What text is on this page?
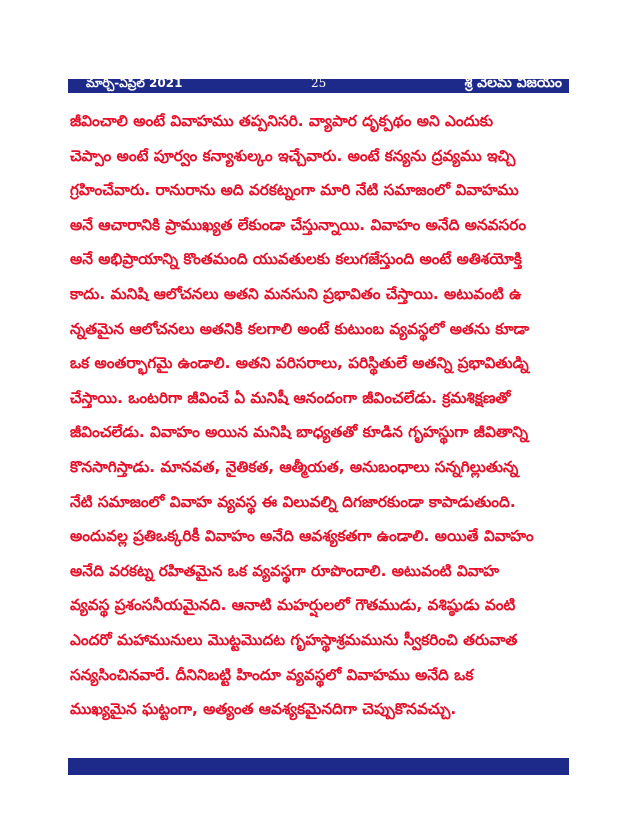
మార్చి-ఏప్రిల్ 2021	25	శ్రీ వెలమ విజయం
జీవించాలి అంటే వివాహము తప్పనిసరి. వ్యాపార దృక్పథం అని ఎందుకు
చెప్పాం అంటే పూర్వం కన్యాశుల్కం ఇచ్చేవారు. అంటే కన్యను ద్రవ్యము ఇచ్చి
గ్రహించేవారు. రానురాను అది వరకట్నంగా మారి నేటి సమాజంలో వివాహము
అనే ఆచారానికి ప్రాముఖ్యత లేకుండా చేస్తున్నాయి. వివాహం అనేది అనవసరం
అనే అభిప్రాయాన్ని కొంతమంది యువతులకు కలుగజేస్తుంది అంటే అతిశయోక్తి
కాదు. మనిషి ఆలోచనలు అతని మనసుని ప్రభావితం చేస్తాయి. అటువంటి ఉ
న్నతమైన ఆలోచనలు అతనికి కలగాలి అంటే కుటుంబ వ్యవస్థలో అతను కూడా
ఒక అంతర్భాగమై ఉండాలి. అతని పరిసరాలు, పరిస్థితులే అతన్ని ప్రభావితుడ్ని
చేస్తాయి. ఒంటరిగా జీవించే ఏ మనిషీ ఆనందంగా జీవించలేడు. క్రమశిక్షణతో
జీవించలేడు. వివాహం అయిన మనిషి బాధ్యతతో కూడిన గృహస్థుగా జీవితాన్ని
కొనసాగిస్తాడు. మానవత, నైతికత, ఆత్మీయత, అనుబంధాలు సన్నగిల్లుతున్న
నేటి సమాజంలో వివాహ వ్యవస్థ ఈ విలువల్ని దిగజారకుండా కాపాడుతుంది.
అందువల్ల ప్రతిఒక్కరికీ వివాహం అనేది ఆవశ్యకతగా ఉండాలి. అయితే వివాహం
అనేది వరకట్న రహితమైన ఒక వ్యవస్థగా రూపొందాలి. అటువంటి వివాహ
వ్యవస్థ ప్రశంసనీయమైనది. ఆనాటి మహర్షులలో గౌతముడు, వశిష్ఠుడు వంటి
ఎందరో మహామునులు మొట్టమొదట గృహస్థాశ్రమమును స్వీకరించి తరువాత
సన్యసించినవారే. దీనినిబట్టి హిందూ వ్యవస్థలో వివాహము అనేది ఒక
ముఖ్యమైన ఘట్టంగా, అత్యంత ఆవశ్యకమైనదిగా చెప్పుకొనవచ్చు.
